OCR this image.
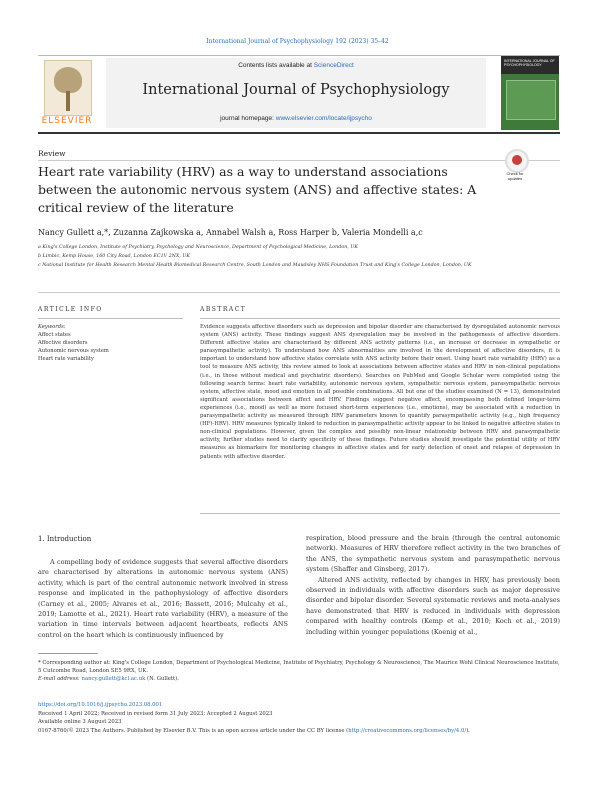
International Journal of Psychophysiology 192 (2023) 35–42
ELSEVIER
Contents lists available at ScienceDirect
International Journal of Psychophysiology
journal homepage: www.elsevier.com/locate/ijpsycho
INTERNATIONAL JOURNAL OF PSYCHOPHYSIOLOGY
Review
Heart rate variability (HRV) as a way to understand associations between the autonomic nervous system (ANS) and affective states: A critical review of the literature
Check for updates
Nancy Gullett a,*, Zuzanna Zajkowska a, Annabel Walsh a, Ross Harper b, Valeria Mondelli a,c
a King's College London, Institute of Psychiatry, Psychology and Neuroscience, Department of Psychological Medicine, London, UK
b Limbic, Kemp House, 160 City Road, London EC1V 2NX, UK
c National Institute for Health Research Mental Health Biomedical Research Centre, South London and Maudsley NHS Foundation Trust and King's College London, London, UK
ARTICLE INFO	ABSTRACT
Keywords:
Affect states
Affective disorders
Autonomic nervous system
Heart rate variability
Evidence suggests affective disorders such as depression and bipolar disorder are characterised by dysregulated autonomic nervous system (ANS) activity. These findings suggest ANS dysregulation may be involved in the pathogenesis of affective disorders. Different affective states are characterised by different ANS activity patterns (i.e., an increase or decrease in sympathetic or parasympathetic activity). To understand how ANS abnormalities are involved in the development of affective disorders, it is important to understand how affective states correlate with ANS activity before their onset. Using heart rate variability (HRV) as a tool to measure ANS activity, this review aimed to look at associations between affective states and HRV in non-clinical populations (i.e., in those without medical and psychiatric disorders). Searches on PubMed and Google Scholar were completed using the following search terms: heart rate variability, autonomic nervous system, sympathetic nervous system, parasympathetic nervous system, affective state, mood and emotion in all possible combinations. All but one of the studies examined (N = 13), demonstrated significant associations between affect and HRV. Findings suggest negative affect, encompassing both defined longer-term experiences (i.e., mood) as well as more focused short-term experiences (i.e., emotions), may be associated with a reduction in parasympathetic activity as measured through HRV parameters known to quantify parasympathetic activity (e.g., high frequency (HF)-HRV). HRV measures typically linked to reduction in parasympathetic activity appear to be linked to negative affective states in non-clinical populations. However, given the complex and possibly non-linear relationship between HRV and parasympathetic activity, further studies need to clarify specificity of these findings. Future studies should investigate the potential utility of HRV measures as biomarkers for monitoring changes in affective states and for early detection of onset and relapse of depression in patients with affective disorder.
1. Introduction
A compelling body of evidence suggests that several affective disorders are characterised by alterations in autonomic nervous system (ANS) activity, which is part of the central autonomic network involved in stress response and implicated in the pathophysiology of affective disorders (Carney et al., 2005; Alvares et al., 2016; Bassett, 2016; Mulcahy et al., 2019; Lamotte et al., 2021). Heart rate variability (HRV), a measure of the variation in time intervals between adjacent heartbeats, reflects ANS control on the heart which is continuously influenced by

respiration, blood pressure and the brain (through the central autonomic network). Measures of HRV therefore reflect activity in the two branches of the ANS, the sympathetic nervous system and parasympathetic nervous system (Shaffer and Ginsberg, 2017).

Altered ANS activity, reflected by changes in HRV, has previously been observed in individuals with affective disorders such as major depressive disorder and bipolar disorder. Several systematic reviews and meta-analyses have demonstrated that HRV is reduced in individuals with depression compared with healthy controls (Kemp et al., 2010; Koch et al., 2019) including within younger populations (Koenig et al.,

* Corresponding author at: King's College London, Department of Psychological Medicine, Institute of Psychiatry, Psychology & Neuroscience, The Maurice Wohl Clinical Neuroscience Institute, 5 Cutcombe Road, London SE5 9RX, UK.
E-mail address: nancy.gullett@kcl.ac.uk (N. Gullett).
https://doi.org/10.1016/j.ijpsycho.2023.08.001
Received 1 April 2022; Received in revised form 31 July 2023; Accepted 2 August 2023
Available online 3 August 2023
0167-8760/© 2023 The Authors. Published by Elsevier B.V. This is an open access article under the CC BY license (http://creativecommons.org/licenses/by/4.0/).
